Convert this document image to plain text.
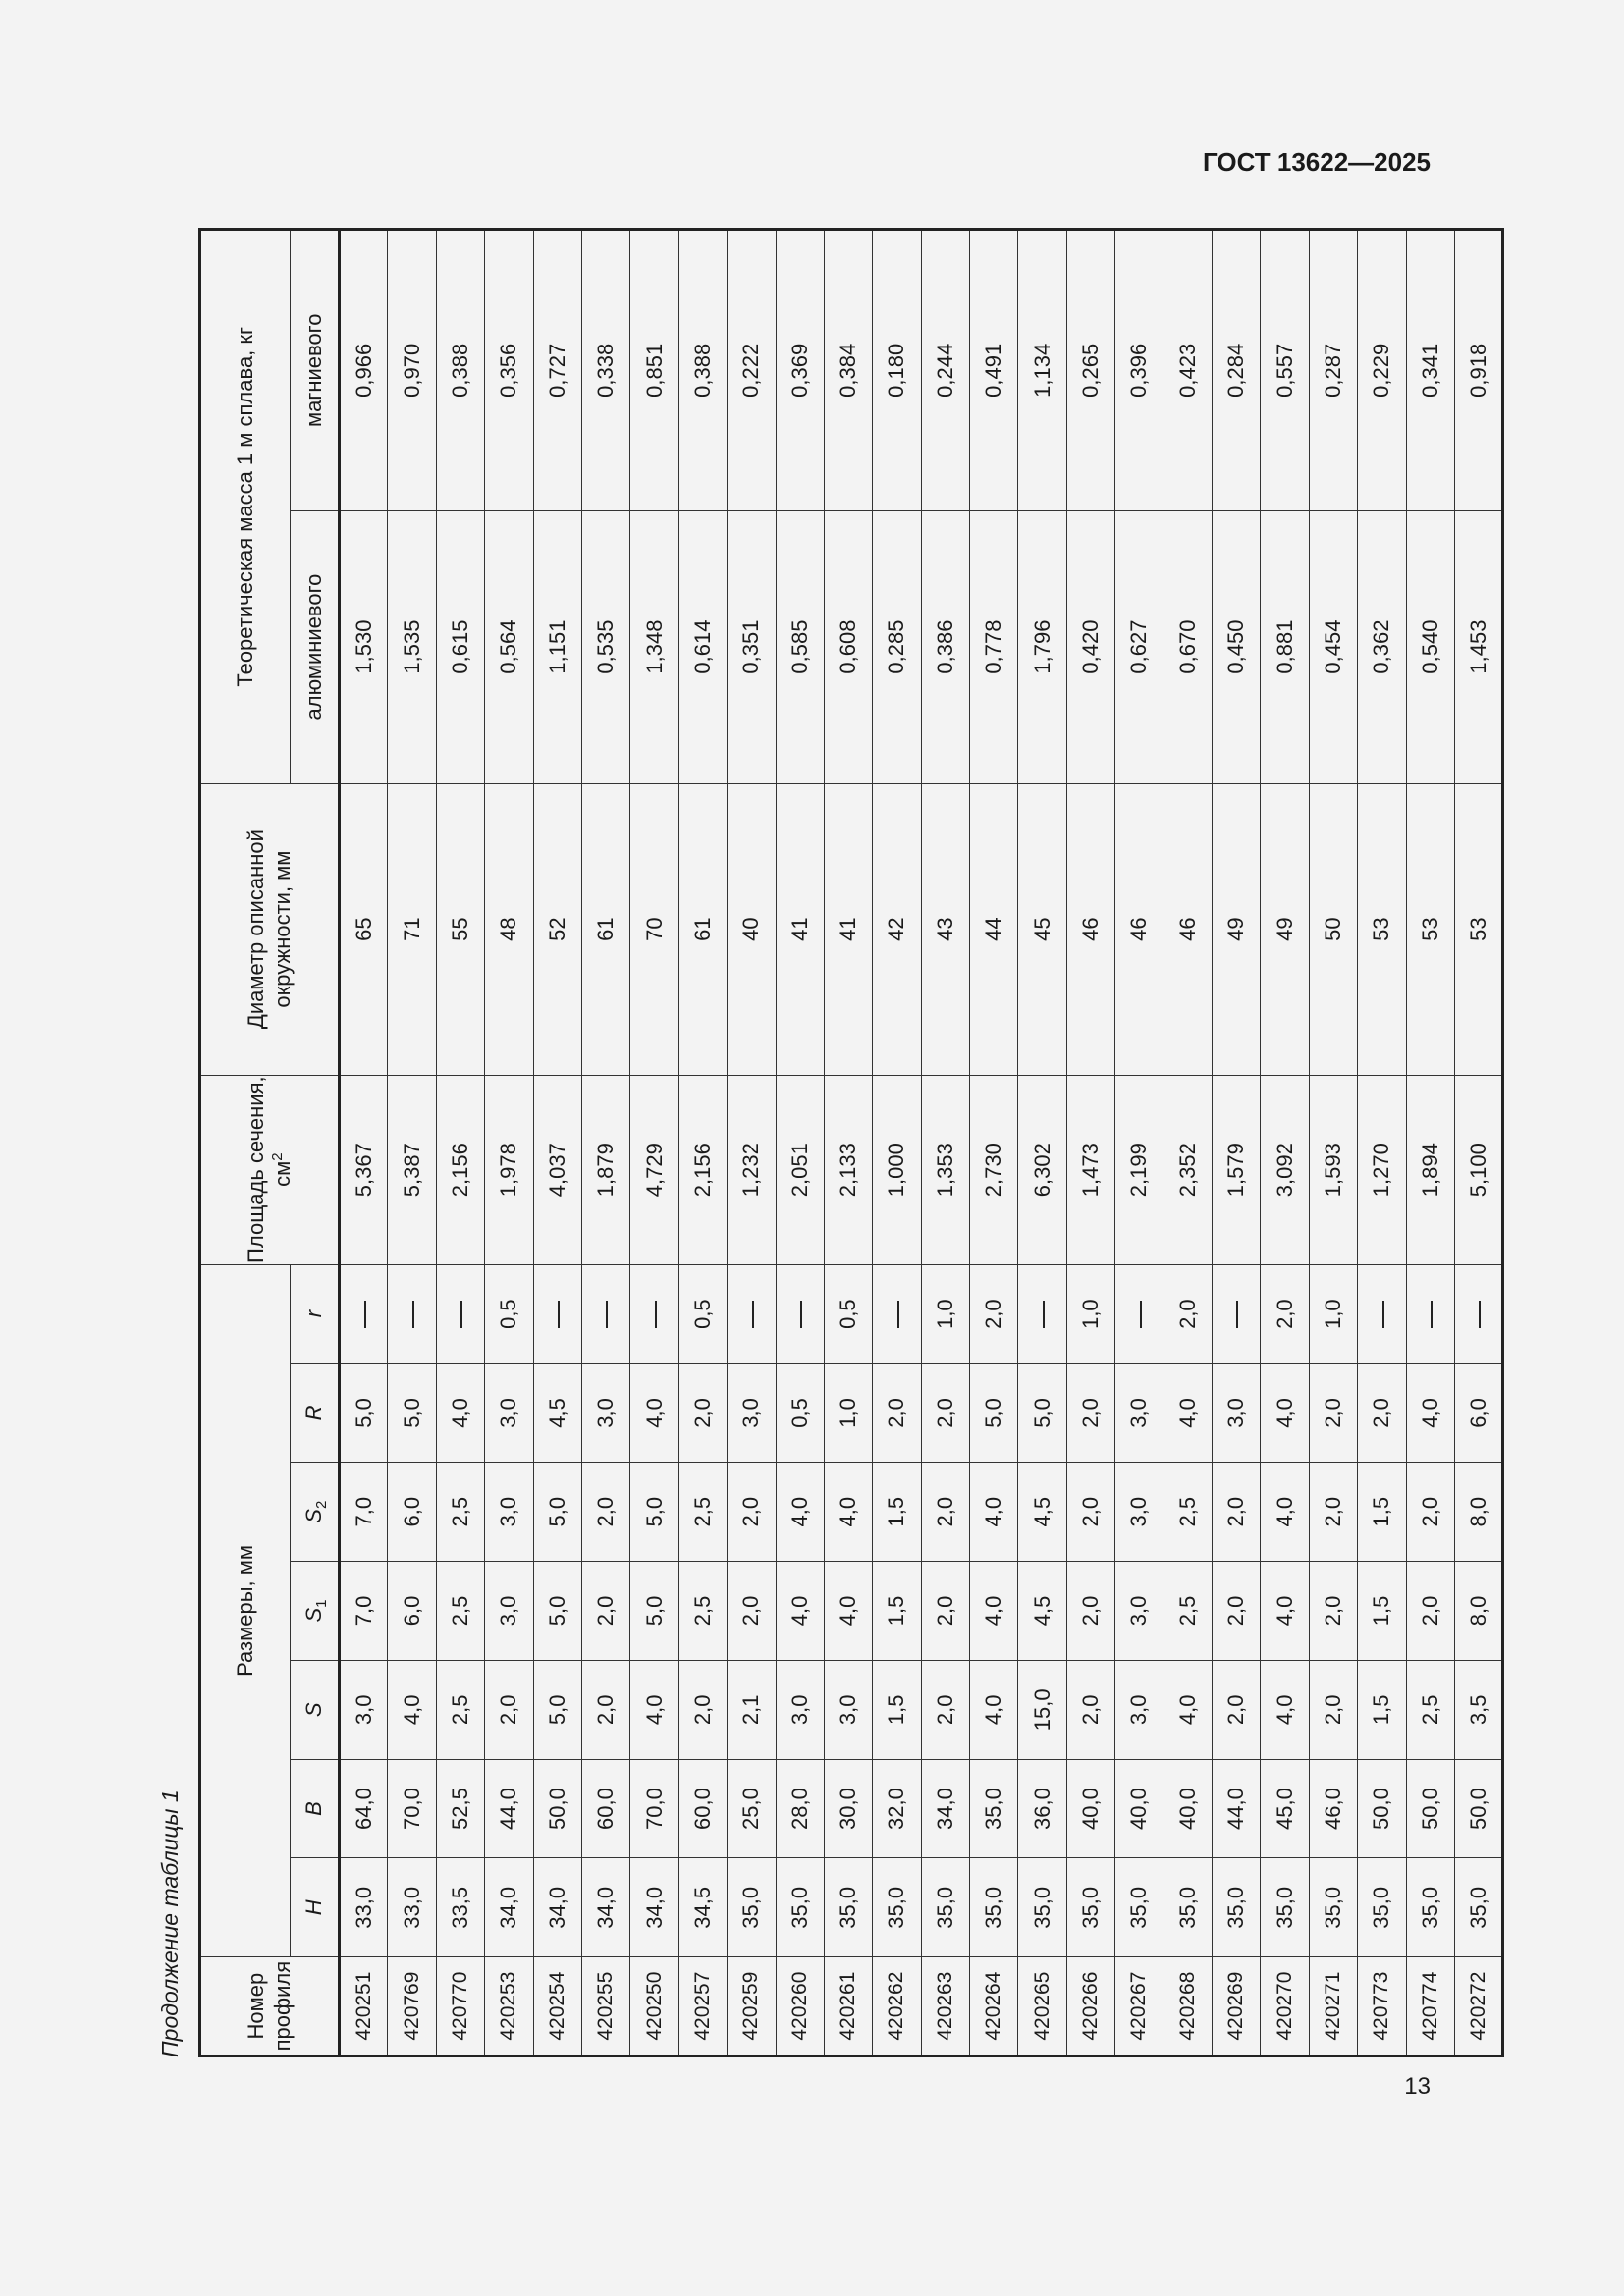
ГОСТ 13622—2025
Продолжение таблицы 1	Номер профиля	Размеры, мм							Площадь сечения, $см^2$	Диаметр описанной окружности, мм	Теоретическая масса 1 м сплава, кг	
	H	B	S	$S_1$	$S_2$	R	r			алюминиевого	магниевого
420251	33,0	64,0	3,0	7,0	7,0	5,0		5,367	65	1,530	0,966
420769	33,0	70,0	4,0	6,0	6,0	5,0		5,387	71	1,535	0,970
420770	33,5	52,5	2,5	2,5	2,5	4,0		2,156	55	0,615	0,388
420253	34,0	44,0	2,0	3,0	3,0	3,0	0,5	1,978	48	0,564	0,356
420254	34,0	50,0	5,0	5,0	5,0	4,5		4,037	52	1,151	0,727
420255	34,0	60,0	2,0	2,0	2,0	3,0		1,879	61	0,535	0,338
420250	34,0	70,0	4,0	5,0	5,0	4,0		4,729	70	1,348	0,851
420257	34,5	60,0	2,0	2,5	2,5	2,0	0,5	2,156	61	0,614	0,388
420259	35,0	25,0	2,1	2,0	2,0	3,0		1,232	40	0,351	0,222
420260	35,0	28,0	3,0	4,0	4,0	0,5		2,051	41	0,585	0,369
420261	35,0	30,0	3,0	4,0	4,0	1,0	0,5	2,133	41	0,608	0,384
420262	35,0	32,0	1,5	1,5	1,5	2,0		1,000	42	0,285	0,180
420263	35,0	34,0	2,0	2,0	2,0	2,0	1,0	1,353	43	0,386	0,244
420264	35,0	35,0	4,0	4,0	4,0	5,0	2,0	2,730	44	0,778	0,491
420265	35,0	36,0	15,0	4,5	4,5	5,0		6,302	45	1,796	1,134
420266	35,0	40,0	2,0	2,0	2,0	2,0	1,0	1,473	46	0,420	0,265
420267	35,0	40,0	3,0	3,0	3,0	3,0		2,199	46	0,627	0,396
420268	35,0	40,0	4,0	2,5	2,5	4,0	2,0	2,352	46	0,670	0,423
420269	35,0	44,0	2,0	2,0	2,0	3,0		1,579	49	0,450	0,284
420270	35,0	45,0	4,0	4,0	4,0	4,0	2,0	3,092	49	0,881	0,557
420271	35,0	46,0	2,0	2,0	2,0	2,0	1,0	1,593	50	0,454	0,287
420773	35,0	50,0	1,5	1,5	1,5	2,0		1,270	53	0,362	0,229
420774	35,0	50,0	2,5	2,0	2,0	4,0		1,894	53	0,540	0,341
420272	35,0	50,0	3,5	8,0	8,0	6,0		5,100	53	1,453	0,918
13
